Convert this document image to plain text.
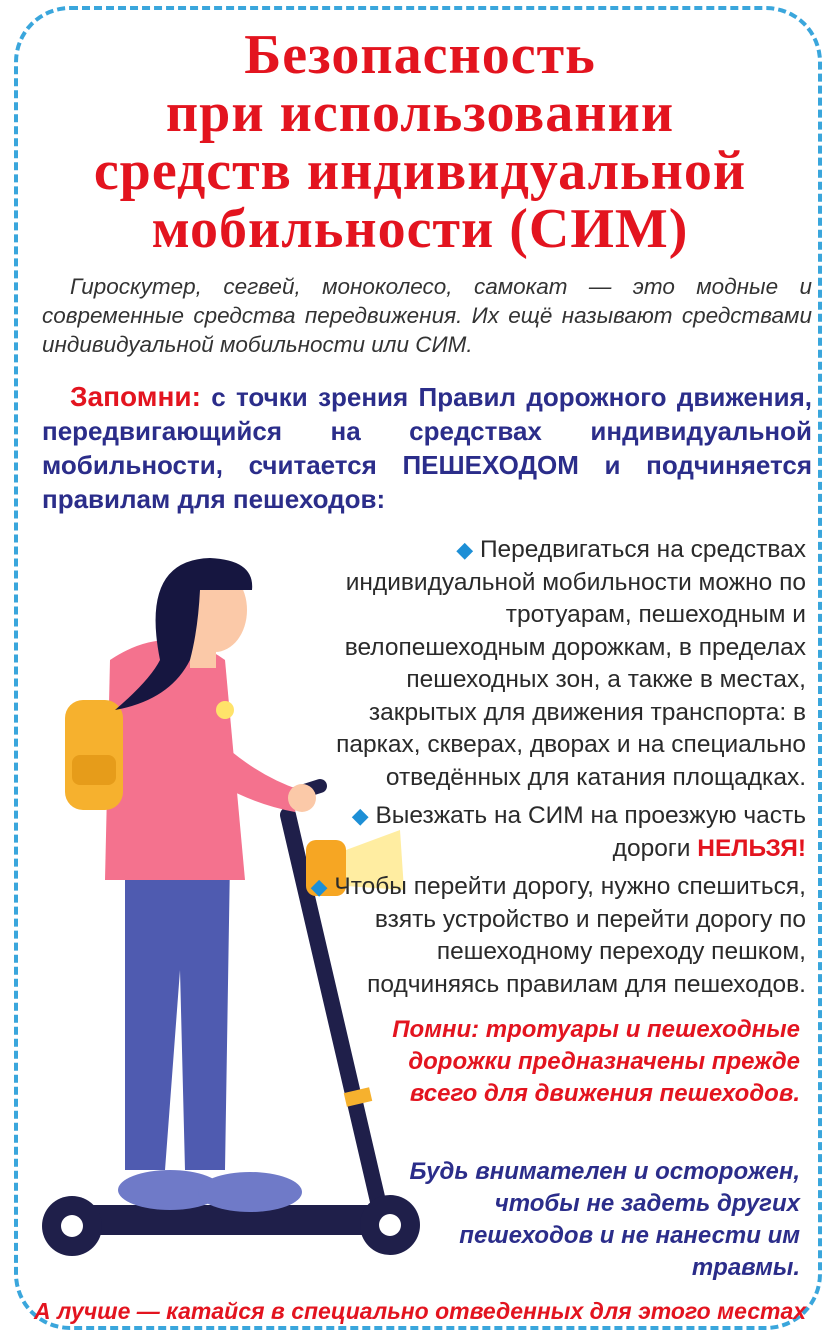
Безопасность
при использовании
средств индивидуальной
мобильности (СИМ)
Гироскутер, сегвей, моноколесо, самокат — это модные и современные средства передвижения. Их ещё называют средствами индивидуальной мобильности или СИМ.
Запомни: с точки зрения Правил дорожного движения, передвигающийся на средствах индивидуальной мобильности, считается ПЕШЕХОДОМ и подчиняется правилам для пешеходов:

◆ Передвигаться на средствах индивидуальной мобильности можно по тротуарам, пешеходным и велопешеходным дорожкам, в пределах пешеходных зон, а также в местах, закрытых для движения транспорта: в парках, скверах, дворах и на специально отведённых для катания площадках.

◆ Выезжать на СИМ на проезжую часть дороги НЕЛЬЗЯ!

◆ Чтобы перейти дорогу, нужно спешиться, взять устройство и перейти дорогу по пешеходному переходу пешком, подчиняясь правилам для пешеходов.

Помни: тротуары и пешеходные дорожки предназначены прежде всего для движения пешеходов.
Будь внимателен и осторожен, чтобы не задеть других пешеходов и не нанести им травмы.
А лучше — катайся в специально отведенных для этого местах
